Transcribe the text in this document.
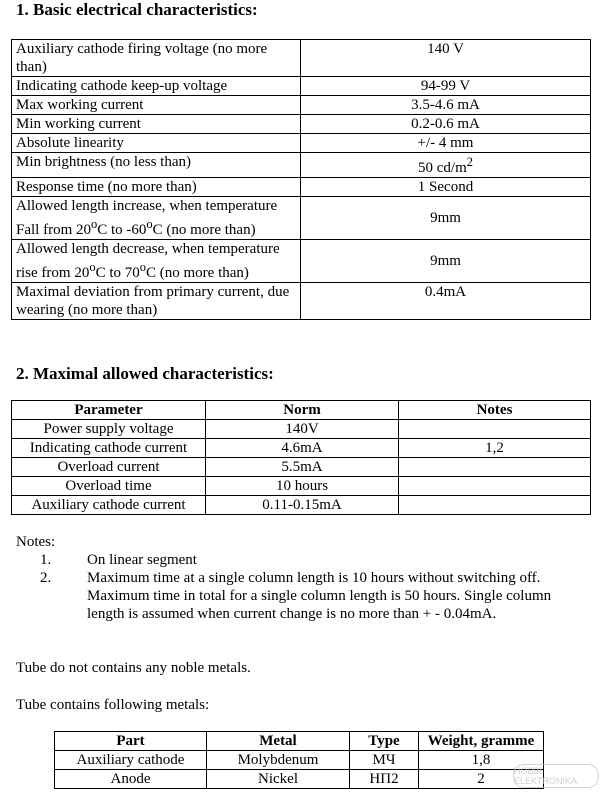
1. Basic electrical characteristics:
Auxiliary cathode firing voltage (no more than)	140 V
Indicating cathode keep-up voltage	94-99 V
Max working current	3.5-4.6 mA
Min working current	0.2-0.6 mA
Absolute linearity	+/- 4 mm
Min brightness (no less than)	50 $cd/m^2$
Response time (no more than)	1 Second
Allowed length increase, when temperature Fall from 20$^o$C to -60$^o$C (no more than)	9mm
Allowed length decrease, when temperature rise from 20$^o$C to 70$^o$C (no more than)	9mm
Maximal deviation from primary current, due wearing (no more than)	0.4mA
2. Maximal allowed characteristics:
Parameter	Norm	Notes
Power supply voltage	140V	
Indicating cathode current	4.6mA	1,2
Overload current	5.5mA	
Overload time	10 hours	
Auxiliary cathode current	0.11-0.15mA	

Notes:

1. On linear segment
2. Maximum time at a single column length is 10 hours without switching off. Maximum time in total for a single column length is 50 hours. Single column length is assumed when current change is no more than + - 0.04mA.

Tube do not contains any noble metals.

Tube contains following metals:

Part	Metal	Type	Weight, gramme
Auxiliary cathode	Molybdenum	МЧ	1,8
Anode	Nickel	НП2	2	HOBBI ELEKTRONIKA
